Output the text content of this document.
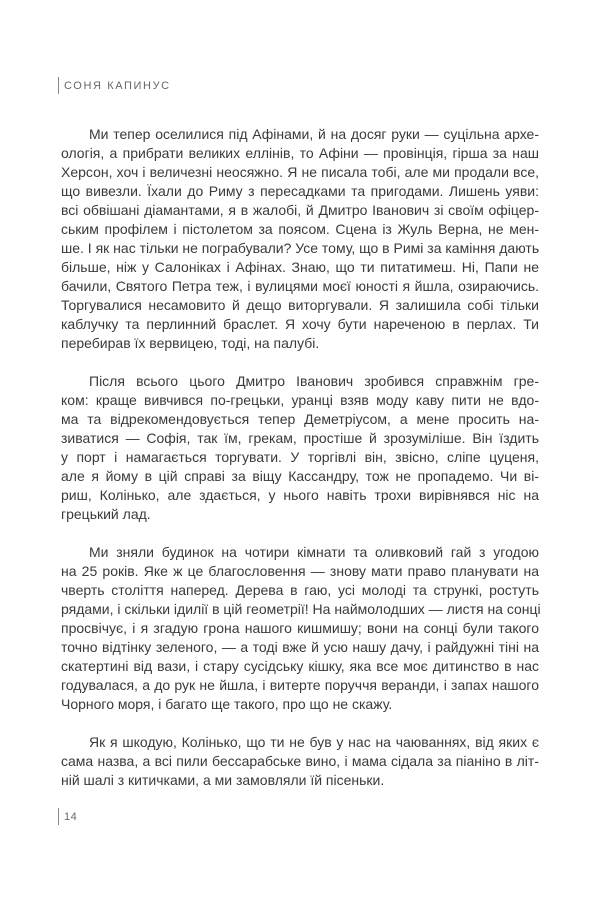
СОНЯ КАПИНУС
Ми тепер оселилися під Афінами, й на досяг руки — суцільна архе-
ологія, а прибрати великих еллінів, то Афіни — провінція, гірша за наш
Херсон, хоч і величезні неосяжно. Я не писала тобі, але ми продали все,
що вивезли. Їхали до Риму з пересадками та пригодами. Лишень уяви:
всі обвішані діамантами, я в жалобі, й Дмитро Іванович зі своїм офіцер-
ським профілем і пістолетом за поясом. Сцена із Жуль Верна, не мен-
ше. І як нас тільки не пограбували? Усе тому, що в Римі за каміння дають
більше, ніж у Салоніках і Афінах. Знаю, що ти питатимеш. Ні, Папи не
бачили, Святого Петра теж, і вулицями моєї юності я йшла, озираючись.
Торгувалися несамовито й дещо виторгували. Я залишила собі тільки
каблучку та перлинний браслет. Я хочу бути нареченою в перлах. Ти
перебирав їх вервицею, тоді, на палубі.
Після всього цього Дмитро Іванович зробився справжнім гре-
ком: краще вивчився по-грецьки, уранці взяв моду каву пити не вдо-
ма та відрекомендовується тепер Деметріусом, а мене просить на-
зиватися — Софія, так їм, грекам, простіше й зрозуміліше. Він їздить
у порт і намагається торгувати. У торгівлі він, звісно, сліпе цуценя,
але я йому в цій справі за віщу Кассандру, тож не пропадемо. Чи ві-
риш, Колінько, але здається, у нього навіть трохи вирівнявся ніс на
грецький лад.
Ми зняли будинок на чотири кімнати та оливковий гай з угодою
на 25 років. Яке ж це благословення — знову мати право планувати на
чверть століття наперед. Дерева в гаю, усі молоді та стрункі, ростуть
рядами, і скільки ідилії в цій геометрії! На наймолодших — листя на сонці
просвічує, і я згадую грона нашого кишмишу; вони на сонці були такого
точно відтінку зеленого, — а тоді вже й усю нашу дачу, і райдужні тіні на
скатертині від вази, і стару сусідську кішку, яка все моє дитинство в нас
годувалася, а до рук не йшла, і витерте поруччя веранди, і запах нашого
Чорного моря, і багато ще такого, про що не скажу.
Як я шкодую, Колінько, що ти не був у нас на чаюваннях, від яких є
сама назва, а всі пили бессарабське вино, і мама сідала за піаніно в літ-
ній шалі з китичками, а ми замовляли їй пісеньки.
14
